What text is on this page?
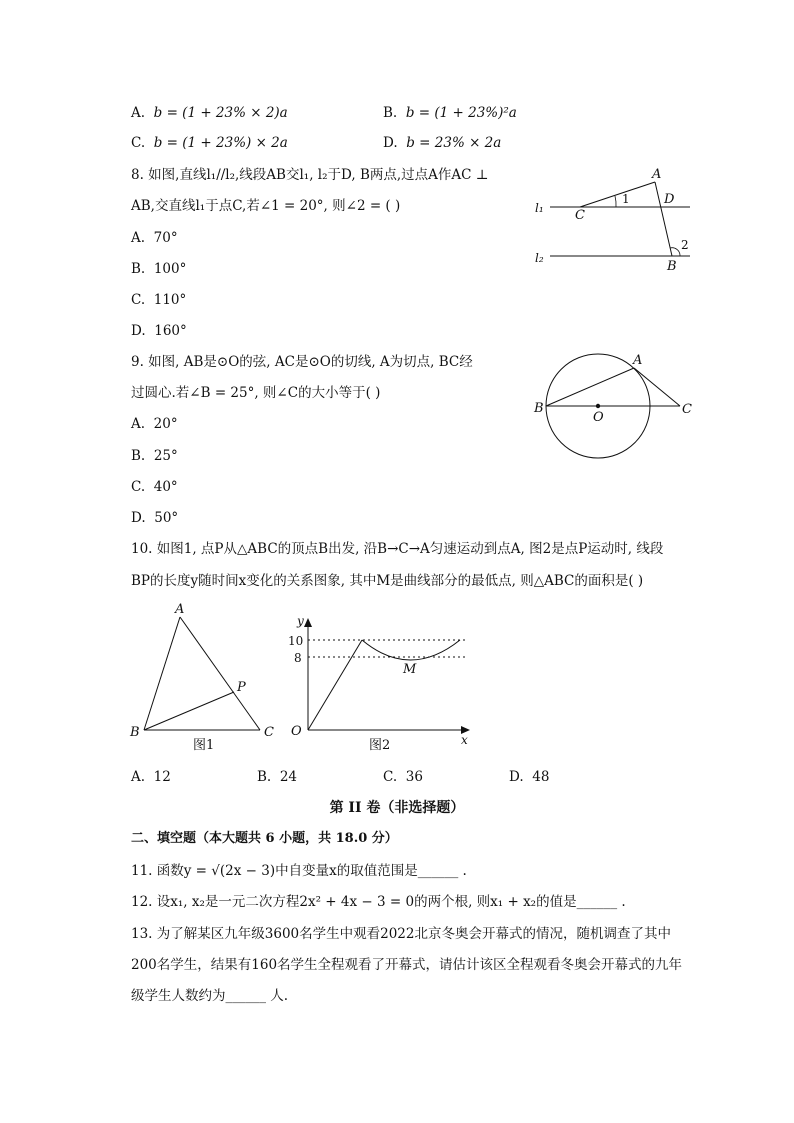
A. b = (1 + 23% × 2)a	B. b = (1 + 23%)²a
C. b = (1 + 23%) × 2a	D. b = 23% × 2a
8. 如图,直线l₁//l₂,线段AB交l₁, l₂于D, B两点,过点A作AC ⊥
AB,交直线l₁于点C,若∠1 = 20°, 则∠2 = ( )
A. 70°
B. 100°
C. 110°
D. 160°
A
C
D
B
l₁
l₂
1
2
9. 如图, AB是⊙O的弦, AC是⊙O的切线, A为切点, BC经
过圆心.若∠B = 25°, 则∠C的大小等于( )
A. 20°
B. 25°
C. 40°
D. 50°
A
B
O
C
10. 如图1, 点P从△ABC的顶点B出发, 沿B→C→A匀速运动到点A, 图2是点P运动时, 线段
BP的长度y随时间x变化的关系图象, 其中M是曲线部分的最低点, 则△ABC的面积是( )
A
B	C
P
图1
y
x
O
M
10
8
图2
A. 12	B. 24	C. 36	D. 48
第 II 卷（非选择题）
二、填空题（本大题共 6 小题，共 18.0 分）
11. 函数y = √(2x − 3)中自变量x的取值范围是______ .
12. 设x₁, x₂是一元二次方程2x² + 4x − 3 = 0的两个根, 则x₁ + x₂的值是______ .
13. 为了解某区九年级3600名学生中观看2022北京冬奥会开幕式的情况，随机调查了其中
200名学生，结果有160名学生全程观看了开幕式，请估计该区全程观看冬奥会开幕式的九年
级学生人数约为______ 人.
